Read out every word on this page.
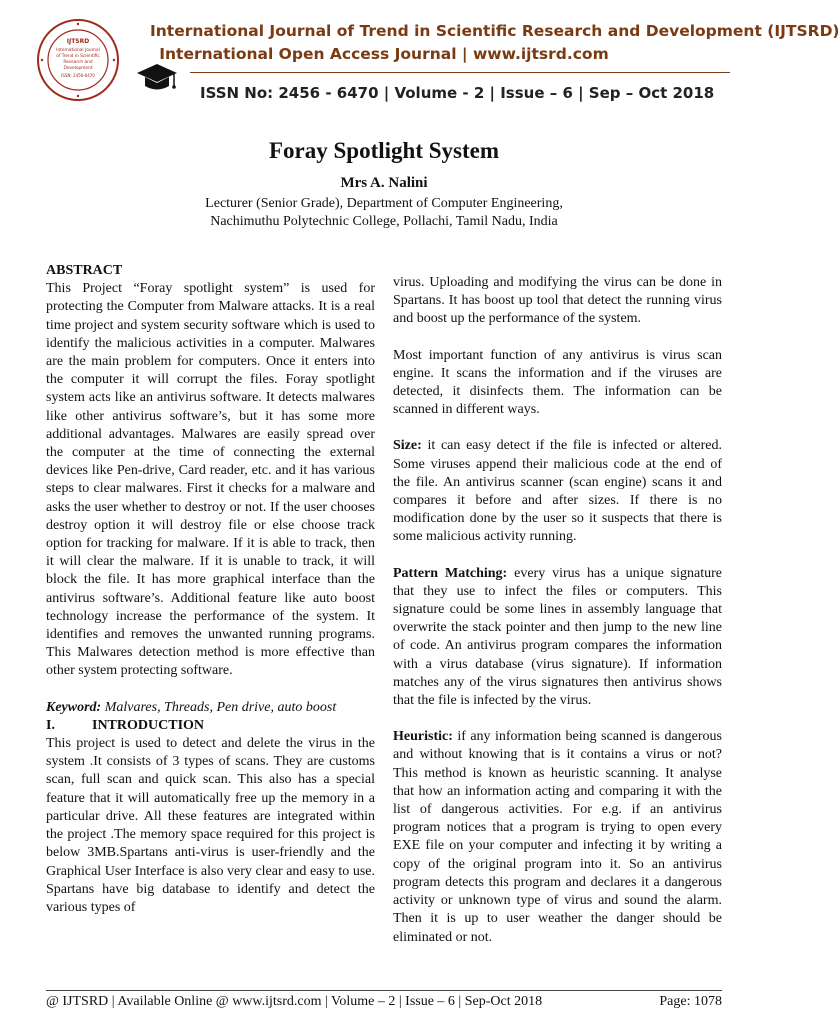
IJTSRD
International Journal
of Trend in Scientific
Research and
Development
ISSN: 2456-6470
International Journal of Trend in Scientific Research and Development (IJTSRD)
International Open Access Journal | www.ijtsrd.com
ISSN No: 2456 - 6470 | Volume - 2 | Issue – 6 | Sep – Oct 2018
Foray Spotlight System
Mrs A. Nalini
Lecturer (Senior Grade), Department of Computer Engineering,
Nachimuthu Polytechnic College, Pollachi, Tamil Nadu, India

ABSTRACT

This Project “Foray spotlight system” is used for protecting the Computer from Malware attacks. It is a real time project and system security software which is used to identify the malicious activities in a computer. Malwares are the main problem for computers. Once it enters into the computer it will corrupt the files. Foray spotlight system acts like an antivirus software. It detects malwares like other antivirus software’s, but it has some more additional advantages. Malwares are easily spread over the computer at the time of connecting the external devices like Pen-drive, Card reader, etc. and it has various steps to clear malwares. First it checks for a malware and asks the user whether to destroy or not. If the user chooses destroy option it will destroy file or else choose track option for tracking for malware. If it is able to track, then it will clear the malware. If it is unable to track, it will block the file. It has more graphical interface than the antivirus software’s. Additional feature like auto boost technology increase the performance of the system. It identifies and removes the unwanted running programs. This Malwares detection method is more effective than other system protecting software.

Keyword: Malvares, Threads, Pen drive, auto boost

I.	INTRODUCTION

This project is used to detect and delete the virus in the system .It consists of 3 types of scans. They are customs scan, full scan and quick scan. This also has a special feature that it will automatically free up the memory in a particular drive. All these features are integrated within the project .The memory space required for this project is below 3MB.Spartans anti-virus is user-friendly and the Graphical User Interface is also very clear and easy to use. Spartans have big database to identify and detect the various types of

virus. Uploading and modifying the virus can be done in Spartans. It has boost up tool that detect the running virus and boost up the performance of the system.

Most important function of any antivirus is virus scan engine. It scans the information and if the viruses are detected, it disinfects them. The information can be scanned in different ways.

Size: it can easy detect if the file is infected or altered. Some viruses append their malicious code at the end of the file. An antivirus scanner (scan engine) scans it and compares it before and after sizes. If there is no modification done by the user so it suspects that there is some malicious activity running.

Pattern Matching: every virus has a unique signature that they use to infect the files or computers. This signature could be some lines in assembly language that overwrite the stack pointer and then jump to the new line of code. An antivirus program compares the information with a virus database (virus signature). If information matches any of the virus signatures then antivirus shows that the file is infected by the virus.

Heuristic: if any information being scanned is dangerous and without knowing that is it contains a virus or not? This method is known as heuristic scanning. It analyse that how an information acting and comparing it with the list of dangerous activities. For e.g. if an antivirus program notices that a program is trying to open every EXE file on your computer and infecting it by writing a copy of the original program into it. So an antivirus program detects this program and declares it a dangerous activity or unknown type of virus and sound the alarm. Then it is up to user weather the danger should be eliminated or not.

@ IJTSRD | Available Online @ www.ijtsrd.com | Volume – 2 | Issue – 6 | Sep-Oct 2018	Page: 1078
